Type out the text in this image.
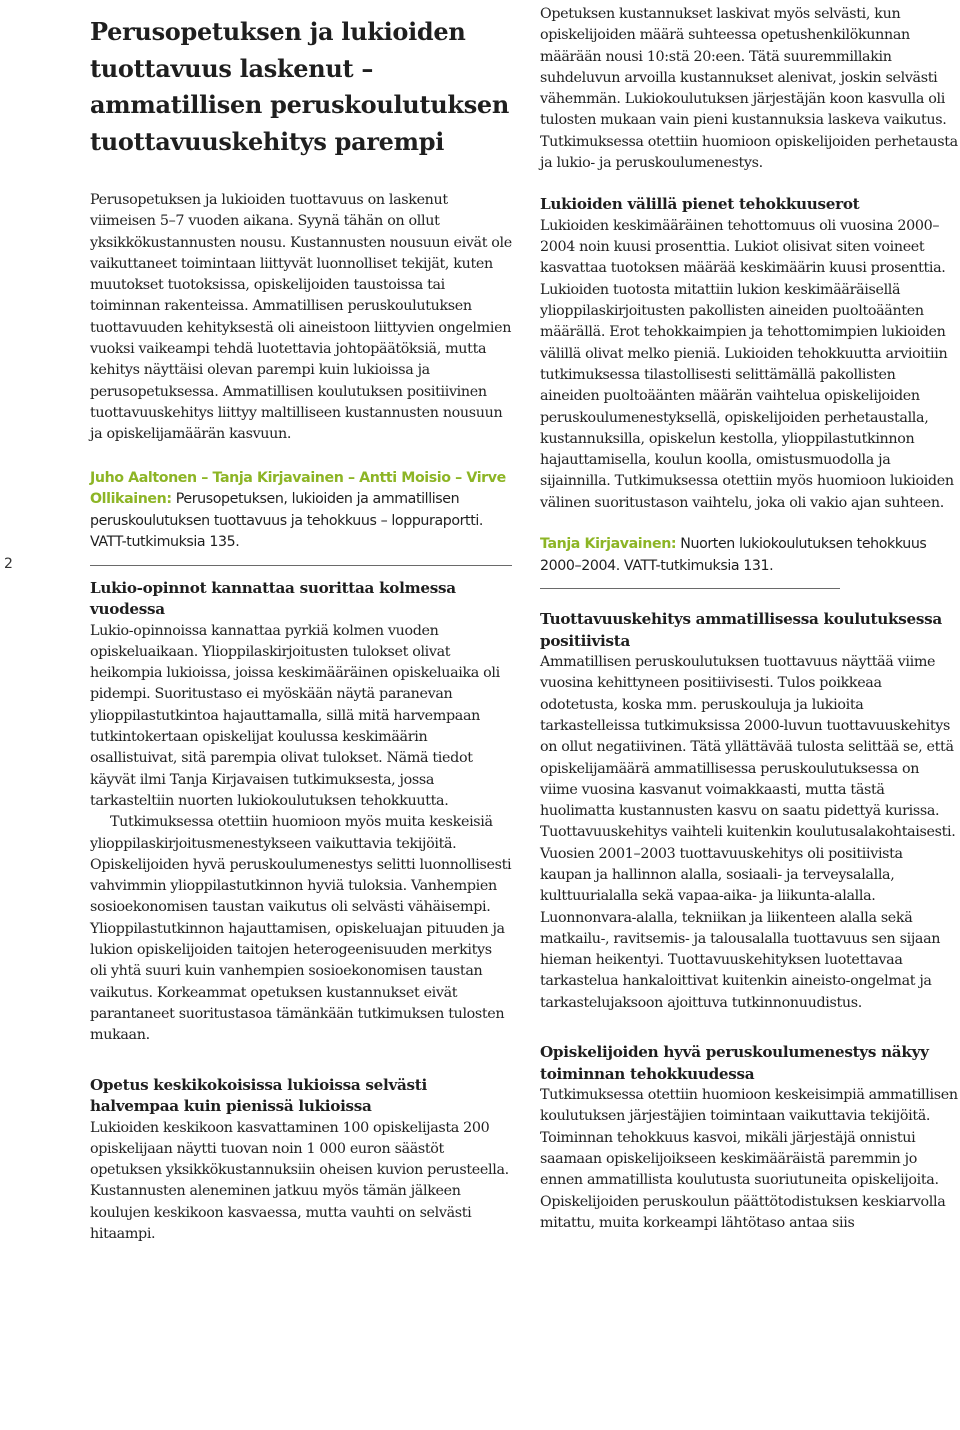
2
Perusopetuksen ja lukioiden tuottavuus laskenut – ammatillisen peruskoulutuksen tuottavuuskehitys parempi

Perusopetuksen ja lukioiden tuottavuus on laskenut viimeisen 5–7 vuoden aikana. Syynä tähän on ollut yksikkökustannusten nousu. Kustannusten nousuun eivät ole vaikuttaneet toimintaan liittyvät luonnolliset tekijät, kuten muutokset tuotoksissa, opiskelijoiden taustoissa tai toiminnan rakenteissa. Ammatillisen peruskoulutuksen tuottavuuden kehityksestä oli aineistoon liittyvien ongelmien vuoksi vaikeampi tehdä luotettavia johtopäätöksiä, mutta kehitys näyttäisi olevan parempi kuin lukioissa ja perusopetuksessa. Ammatillisen koulutuksen positiivinen tuottavuuskehitys liittyy maltilliseen kustannusten nousuun ja opiskelijamäärän kasvuun.

Juho Aaltonen – Tanja Kirjavainen – Antti Moisio – Virve Ollikainen: Perusopetuksen, lukioiden ja ammatillisen peruskoulutuksen tuottavuus ja tehokkuus – loppuraportti. VATT-tutkimuksia 135.

Lukio-opinnot kannattaa suorittaa kolmessa vuodessa

Lukio-opinnoissa kannattaa pyrkiä kolmen vuoden opiskeluaikaan. Ylioppilaskirjoitusten tulokset olivat heikompia lukioissa, joissa keskimääräinen opiskeluaika oli pidempi. Suoritustaso ei myöskään näytä paranevan ylioppilastutkintoa hajauttamalla, sillä mitä harvempaan tutkintokertaan opiskelijat koulussa keskimäärin osallistuivat, sitä parempia olivat tulokset. Nämä tiedot käyvät ilmi Tanja Kirjavaisen tutkimuksesta, jossa tarkasteltiin nuorten lukiokoulutuksen tehokkuutta.

Tutkimuksessa otettiin huomioon myös muita keskeisiä ylioppilaskirjoitusmenestykseen vaikuttavia tekijöitä. Opiskelijoiden hyvä peruskoulumenestys selitti luonnollisesti vahvimmin ylioppilastutkinnon hyviä tuloksia. Vanhempien sosioekonomisen taustan vaikutus oli selvästi vähäisempi. Ylioppilastutkinnon hajauttamisen, opiskeluajan pituuden ja lukion opiskelijoiden taitojen heterogeenisuuden merkitys oli yhtä suuri kuin vanhempien sosioekonomisen taustan vaikutus. Korkeammat opetuksen kustannukset eivät parantaneet suoritustasoa tämänkään tutkimuksen tulosten mukaan.

Opetus keskikokoisissa lukioissa selvästi halvempaa kuin pienissä lukioissa

Lukioiden keskikoon kasvattaminen 100 opiskelijasta 200 opiskelijaan näytti tuovan noin 1 000 euron säästöt opetuksen yksikkökustannuksiin oheisen kuvion perusteella. Kustannusten aleneminen jatkuu myös tämän jälkeen koulujen keskikoon kasvaessa, mutta vauhti on selvästi hitaampi.

Opetuksen kustannukset laskivat myös selvästi, kun opiskelijoiden määrä suhteessa opetushenkilökunnan määrään nousi 10:stä 20:een. Tätä suuremmillakin suhdeluvun arvoilla kustannukset alenivat, joskin selvästi vähemmän. Lukiokoulutuksen järjestäjän koon kasvulla oli tulosten mukaan vain pieni kustannuksia laskeva vaikutus. Tutkimuksessa otettiin huomioon opiskelijoiden perhetausta ja lukio- ja peruskoulumenestys.

Lukioiden välillä pienet tehokkuuserot

Lukioiden keskimääräinen tehottomuus oli vuosina 2000–2004 noin kuusi prosenttia. Lukiot olisivat siten voineet kasvattaa tuotoksen määrää keskimäärin kuusi prosenttia. Lukioiden tuotosta mitattiin lukion keskimääräisellä ylioppilaskirjoitusten pakollisten aineiden puoltoäänten määrällä. Erot tehokkaimpien ja tehottomimpien lukioiden välillä olivat melko pieniä. Lukioiden tehokkuutta arvioitiin tutkimuksessa tilastollisesti selittämällä pakollisten aineiden puoltoäänten määrän vaihtelua opiskelijoiden peruskoulumenestyksellä, opiskelijoiden perhetaustalla, kustannuksilla, opiskelun kestolla, ylioppilastutkinnon hajauttamisella, koulun koolla, omistusmuodolla ja sijainnilla. Tutkimuksessa otettiin myös huomioon lukioiden välinen suoritustason vaihtelu, joka oli vakio ajan suhteen.

Tanja Kirjavainen: Nuorten lukiokoulutuksen tehokkuus 2000–2004. VATT-tutkimuksia 131.

Tuottavuuskehitys ammatillisessa koulutuksessa positiivista

Ammatillisen peruskoulutuksen tuottavuus näyttää viime vuosina kehittyneen positiivisesti. Tulos poikkeaa odotetusta, koska mm. peruskouluja ja lukioita tarkastelleissa tutkimuksissa 2000-luvun tuottavuuskehitys on ollut negatiivinen. Tätä yllättävää tulosta selittää se, että opiskelijamäärä ammatillisessa peruskoulutuksessa on viime vuosina kasvanut voimakkaasti, mutta tästä huolimatta kustannusten kasvu on saatu pidettyä kurissa. Tuottavuuskehitys vaihteli kuitenkin koulutusalakohtaisesti. Vuosien 2001–2003 tuottavuuskehitys oli positiivista kaupan ja hallinnon alalla, sosiaali- ja terveysalalla, kulttuurialalla sekä vapaa-aika- ja liikunta-alalla. Luonnonvara-alalla, tekniikan ja liikenteen alalla sekä matkailu-, ravitsemis- ja talousalalla tuottavuus sen sijaan hieman heikentyi. Tuottavuuskehityksen luotettavaa tarkastelua hankaloittivat kuitenkin aineisto-ongelmat ja tarkastelujaksoon ajoittuva tutkinnonuudistus.

Opiskelijoiden hyvä peruskoulumenestys näkyy toiminnan tehokkuudessa

Tutkimuksessa otettiin huomioon keskeisimpiä ammatillisen koulutuksen järjestäjien toimintaan vaikuttavia tekijöitä. Toiminnan tehokkuus kasvoi, mikäli järjestäjä onnistui saamaan opiskelijoikseen keskimääräistä paremmin jo ennen ammatillista koulutusta suoriutuneita opiskelijoita. Opiskelijoiden peruskoulun päättötodistuksen keskiarvolla mitattu, muita korkeampi lähtötaso antaa siis
